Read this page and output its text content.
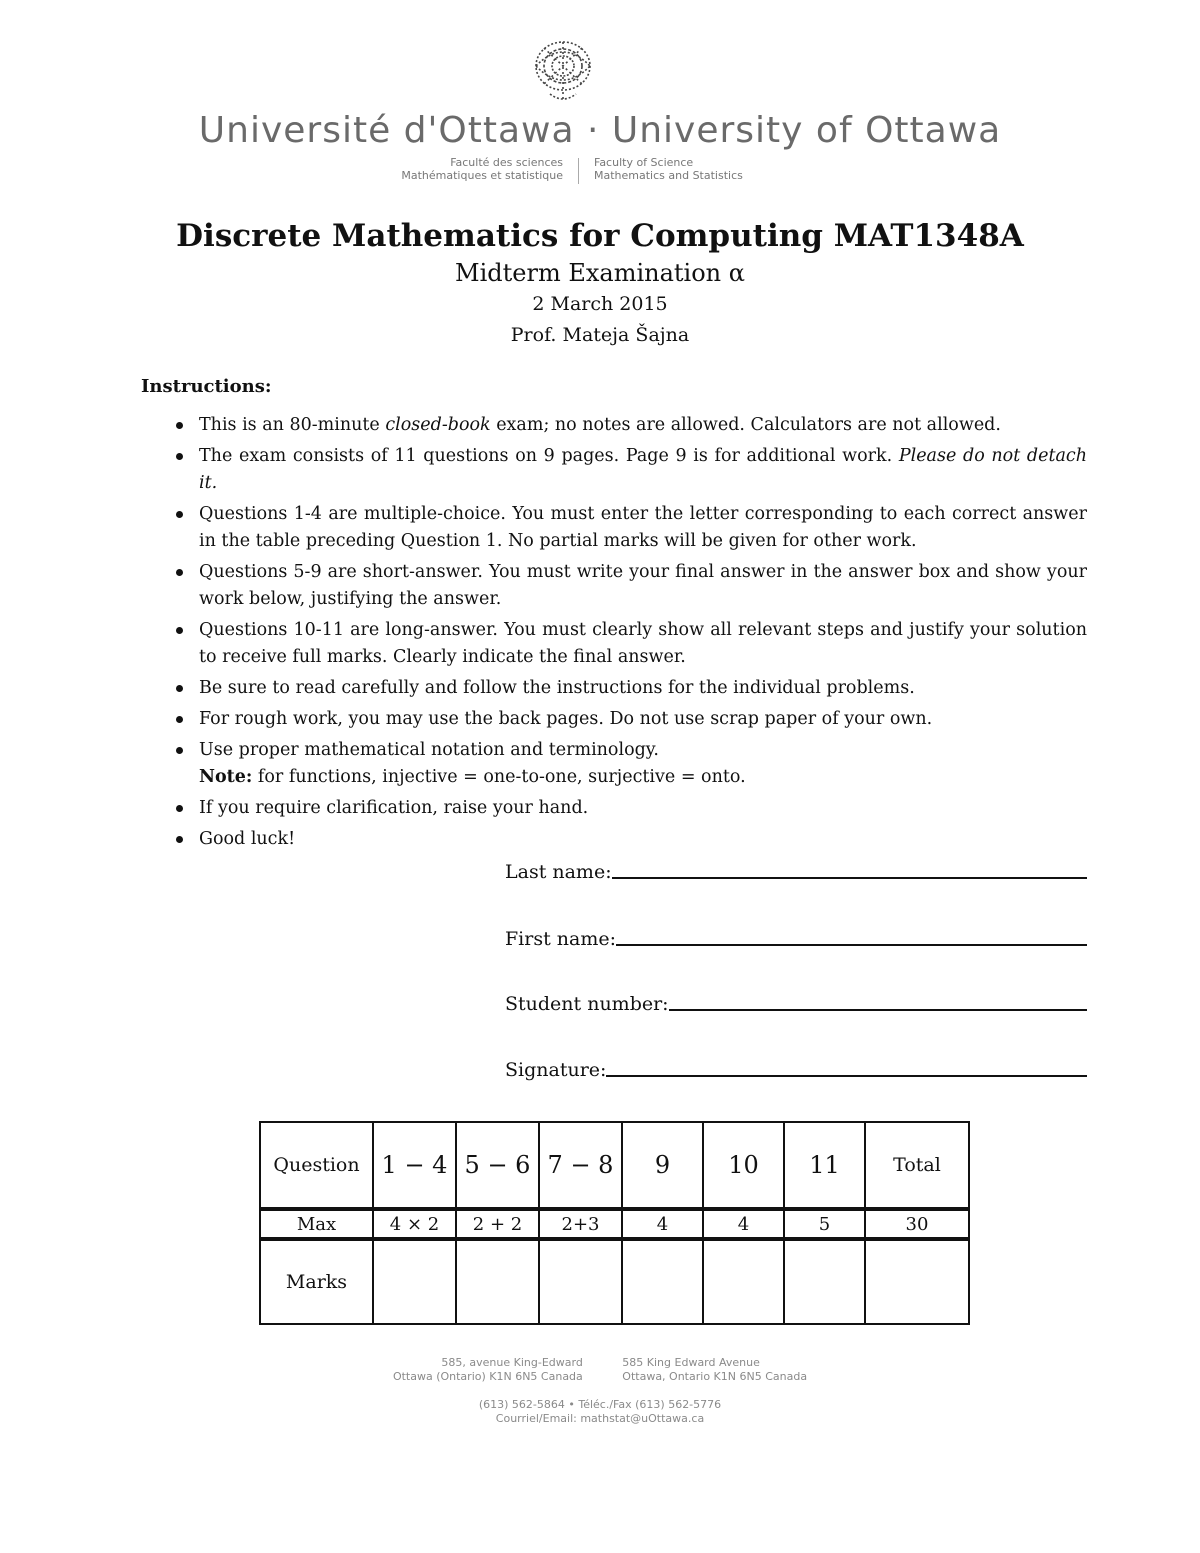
Université d'Ottawa · University of Ottawa
Faculté des sciences
Mathématiques et statistique
Faculty of Science
Mathematics and Statistics
Discrete Mathematics for Computing MAT1348A
Midterm Examination α
2 March 2015
Prof. Mateja Šajna
Instructions:
This is an 80-minute closed-book exam; no notes are allowed. Calculators are not allowed.
The exam consists of 11 questions on 9 pages. Page 9 is for additional work. Please do not detach it.
Questions 1-4 are multiple-choice. You must enter the letter corresponding to each correct answer in the table preceding Question 1. No partial marks will be given for other work.
Questions 5-9 are short-answer. You must write your final answer in the answer box and show your work below, justifying the answer.
Questions 10-11 are long-answer. You must clearly show all relevant steps and justify your solution to receive full marks. Clearly indicate the final answer.
Be sure to read carefully and follow the instructions for the individual problems.
For rough work, you may use the back pages. Do not use scrap paper of your own.
Use proper mathematical notation and terminology.
Note: for functions, injective = one-to-one, surjective = onto.
If you require clarification, raise your hand.
Good luck!
Last name:
First name:
Student number:
Signature:
Question	1 − 4	5 − 6	7 − 8	9	10	11	Total
Max	4 × 2	2 + 2	2+3	4	4	5	30
Marks							
585, avenue King-Edward
Ottawa (Ontario) K1N 6N5 Canada

585 King Edward Avenue
Ottawa, Ontario K1N 6N5 Canada
(613) 562-5864 • Téléc./Fax (613) 562-5776
Courriel/Email: mathstat@uOttawa.ca
